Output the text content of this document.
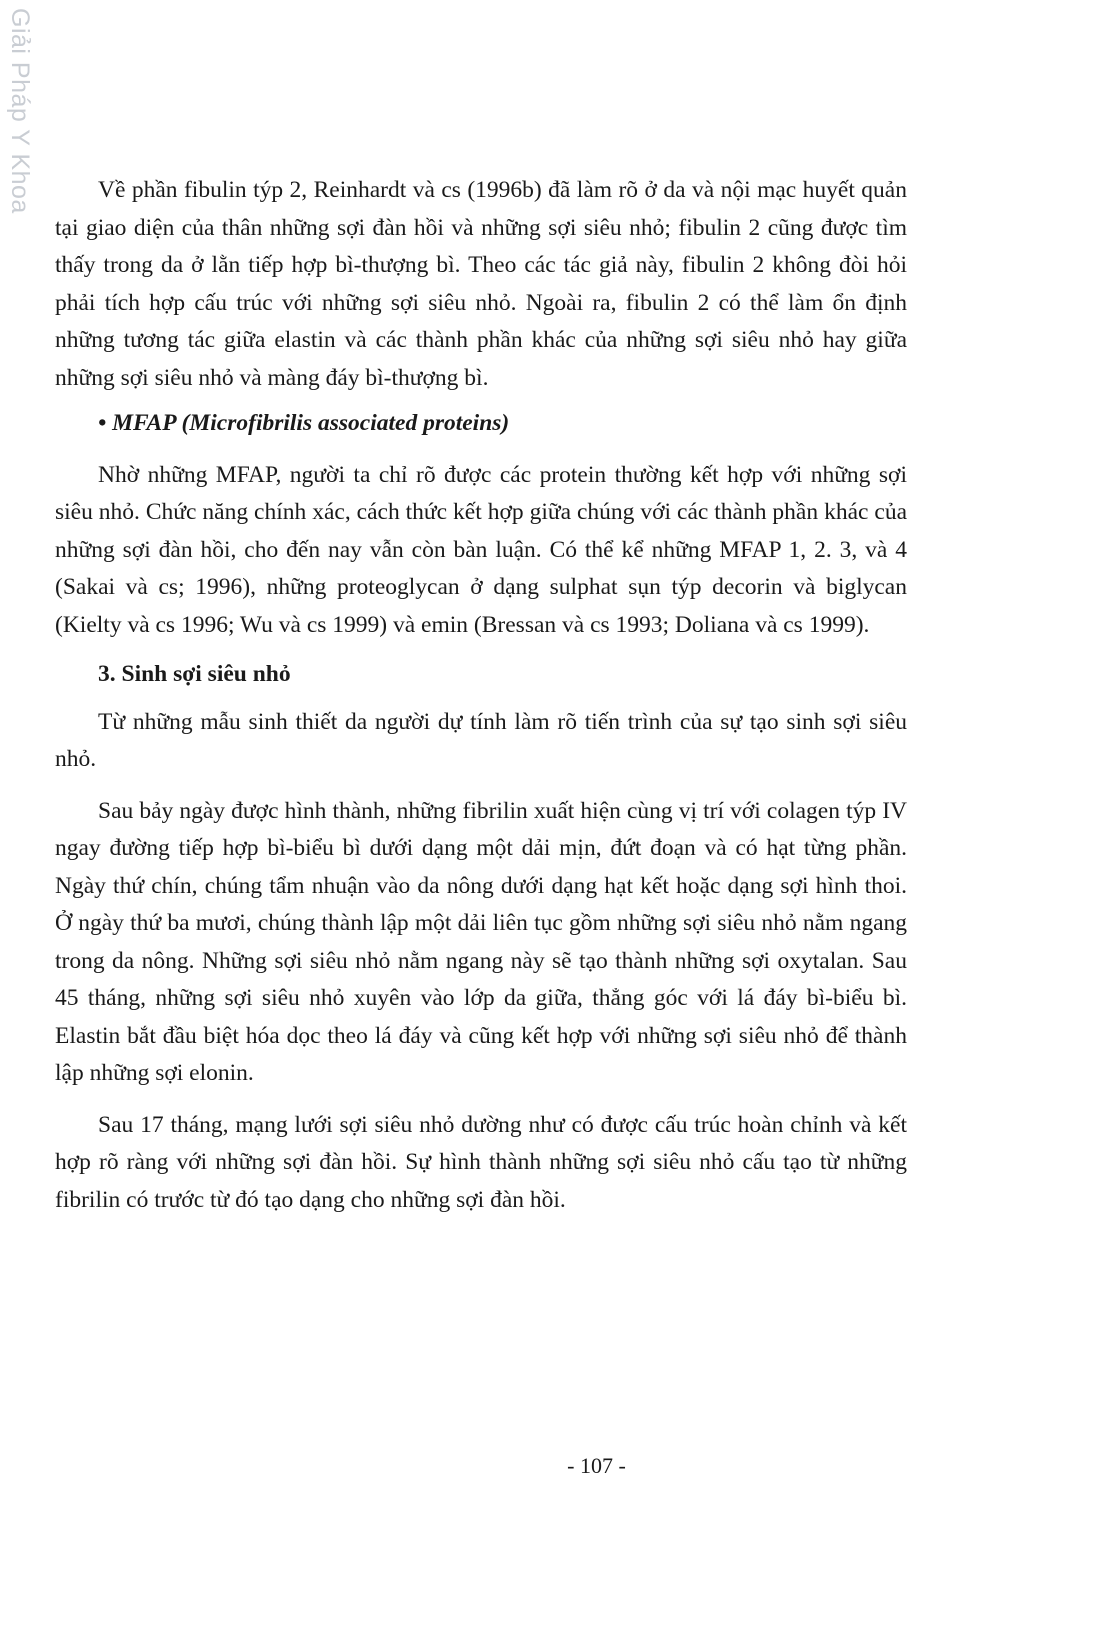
Giải Pháp Y Khoa	Về phần fibulin týp 2, Reinhardt và cs (1996b) đã làm rõ ở da và nội mạc huyết quản tại giao diện của thân những sợi đàn hồi và những sợi siêu nhỏ; fibulin 2 cũng được tìm thấy trong da ở lằn tiếp hợp bì-thượng bì. Theo các tác giả này, fibulin 2 không đòi hỏi phải tích hợp cấu trúc với những sợi siêu nhỏ. Ngoài ra, fibulin 2 có thể làm ổn định những tương tác giữa elastin và các thành phần khác của những sợi siêu nhỏ hay giữa những sợi siêu nhỏ và màng đáy bì-thượng bì.

• MFAP (Microfibrilis associated proteins)

Nhờ những MFAP, người ta chỉ rõ được các protein thường kết hợp với những sợi siêu nhỏ. Chức năng chính xác, cách thức kết hợp giữa chúng với các thành phần khác của những sợi đàn hồi, cho đến nay vẫn còn bàn luận. Có thể kể những MFAP 1, 2. 3, và 4 (Sakai và cs; 1996), những proteoglycan ở dạng sulphat sụn týp decorin và biglycan (Kielty và cs 1996; Wu và cs 1999) và emin (Bressan và cs 1993; Doliana và cs 1999).

3. Sinh sợi siêu nhỏ

Từ những mẫu sinh thiết da người dự tính làm rõ tiến trình của sự tạo sinh sợi siêu nhỏ.

Sau bảy ngày được hình thành, những fibrilin xuất hiện cùng vị trí với colagen týp IV ngay đường tiếp hợp bì-biểu bì dưới dạng một dải mịn, đứt đoạn và có hạt từng phần. Ngày thứ chín, chúng tẩm nhuận vào da nông dưới dạng hạt kết hoặc dạng sợi hình thoi. Ở ngày thứ ba mươi, chúng thành lập một dải liên tục gồm những sợi siêu nhỏ nằm ngang trong da nông. Những sợi siêu nhỏ nằm ngang này sẽ tạo thành những sợi oxytalan. Sau 45 tháng, những sợi siêu nhỏ xuyên vào lớp da giữa, thẳng góc với lá đáy bì-biểu bì. Elastin bắt đầu biệt hóa dọc theo lá đáy và cũng kết hợp với những sợi siêu nhỏ để thành lập những sợi elonin.

Sau 17 tháng, mạng lưới sợi siêu nhỏ dường như có được cấu trúc hoàn chỉnh và kết hợp rõ ràng với những sợi đàn hồi. Sự hình thành những sợi siêu nhỏ cấu tạo từ những fibrilin có trước từ đó tạo dạng cho những sợi đàn hồi.

- 107 -
